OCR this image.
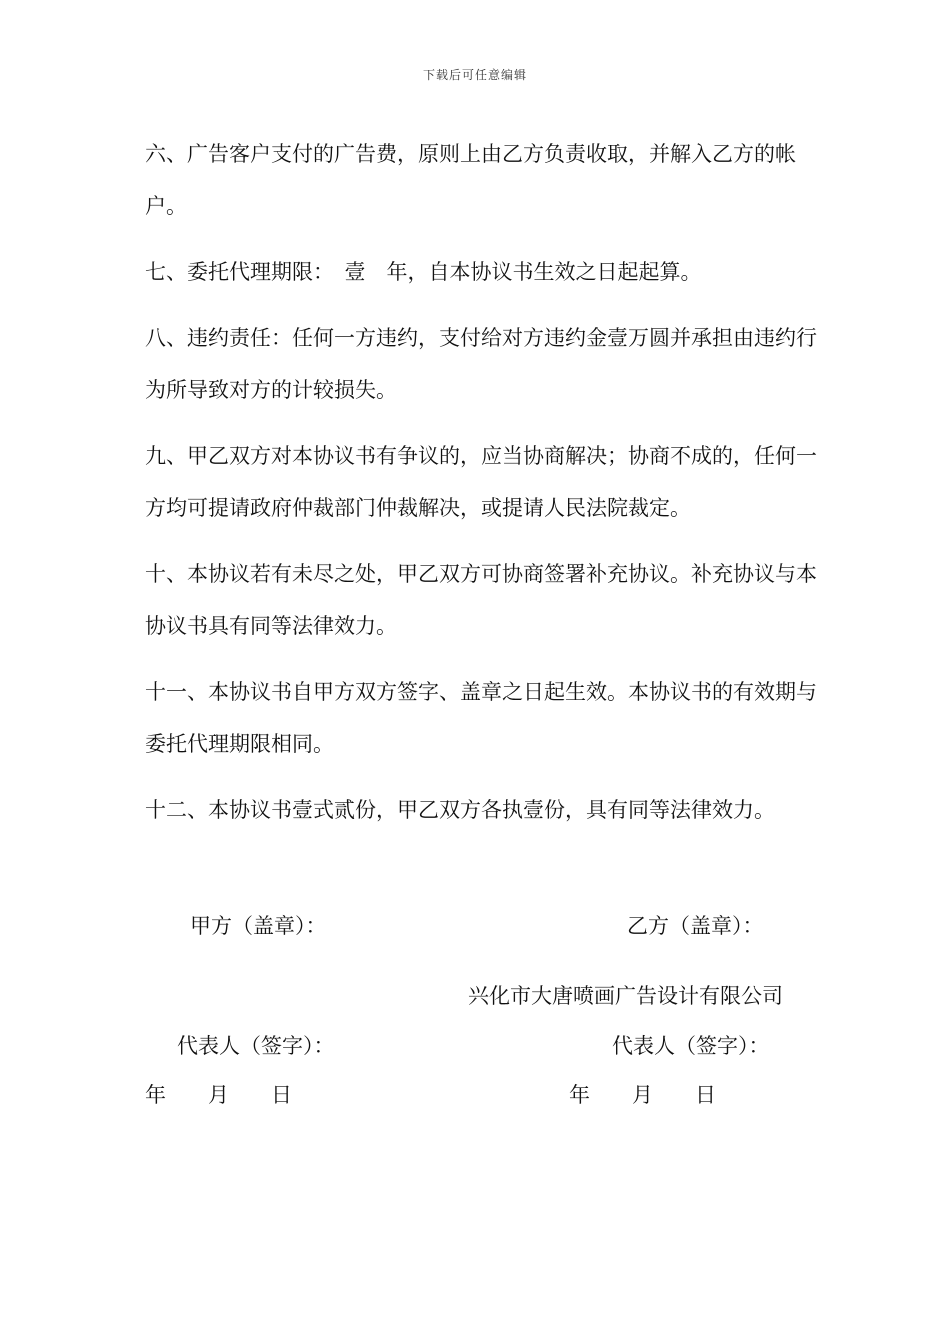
下载后可任意编辑

六、广告客户支付的广告费，原则上由乙方负责收取，并解入乙方的帐户。

七、委托代理期限：　壹　年，自本协议书生效之日起起算。

八、违约责任：任何一方违约，支付给对方违约金壹万圆并承担由违约行为所导致对方的计较损失。

九、甲乙双方对本协议书有争议的，应当协商解决；协商不成的，任何一方均可提请政府仲裁部门仲裁解决，或提请人民法院裁定。

十、本协议若有未尽之处，甲乙双方可协商签署补充协议。补充协议与本协议书具有同等法律效力。

十一、本协议书自甲方双方签字、盖章之日起生效。本协议书的有效期与委托代理期限相同。

十二、本协议书壹式贰份，甲乙双方各执壹份，具有同等法律效力。

甲方（盖章）：	乙方（盖章）：
兴化市大唐喷画广告设计有限公司
代表人（签字）：	代表人（签字）：
年　　月　　日	年　　月　　日
